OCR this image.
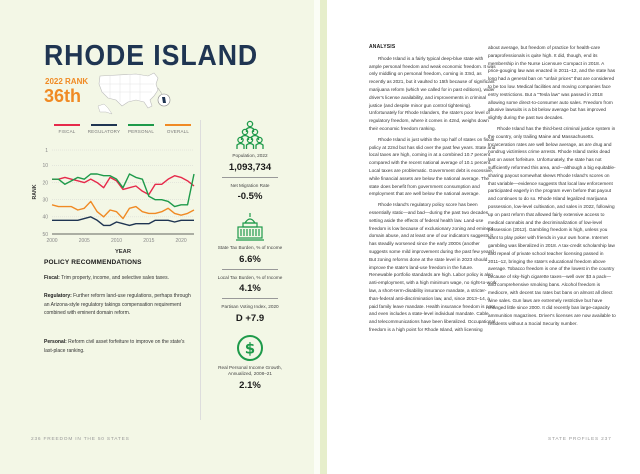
RHODE ISLAND
2022 RANK
36th
FISCAL	REGULATORY PERSONAL	OVERALL
1
10
20
30
40
50
2000	2005	2010	2015	2020
YEAR
RANK
POLICY RECOMMENDATIONS
Fiscal: Trim property, income, and selective sales taxes.
Regulatory: Further reform land-use regulations, perhaps through an Arizona-style regulatory takings compensation requirement combined with eminent domain reform.
Personal: Reform civil asset forfeiture to improve on the state's last-place ranking.
Population, 2022
1,093,734
Net Migration Rate
-0.5%
State Tax Burden, % of Income
6.6%
Local Tax Burden, % of Income
4.1%
Partisan Voting Index, 2020
D +7.9
$
Real Personal Income Growth, Annualized, 2008–21
2.1%
236 FREEDOM IN THE 50 STATES	STATE PROFILES 237
ANALYSIS

Rhode Island is a fairly typical deep-blue state with ample personal freedom and weak economic freedom. It was only middling on personal freedom, coming in 33rd, as recently as 2021, but it vaulted to 15th because of significant marijuana reform (which we called for in past editions), wider driver's license availability, and improvements in criminal justice (and despite minor gun control tightening). Unfortunately for Rhode Islanders, the state's poor level of regulatory freedom, where it comes in 42nd, weighs down their economic freedom ranking.

Rhode Island is just within the top half of states on fiscal policy at 22nd but has slid over the past few years. State and local taxes are high, coming in at a combined 10.7 percent compared with the recent national average of 10.1 percent. Local taxes are problematic. Government debt is excessive, while financial assets are below the national average. The state does benefit from government consumption and employment that are well below the national average.

Rhode Island's regulatory policy score has been essentially static—and bad—during the past two decades, setting aside the effects of federal health law. Land-use freedom is low because of exclusionary zoning and eminent domain abuse, and at least one of our indicators suggests it has steadily worsened since the early 2000s (another suggests some mild improvement during the past few years). But zoning reforms done at the state level in 2023 should improve the state's land-use freedom in the future. Renewable portfolio standards are high. Labor policy is also anti-employment, with a high minimum wage, no right-to-work law, a short-term-disability insurance mandate, a stricter-than-federal anti-discrimination law, and, since 2013–14, a paid family leave mandate. Health insurance freedom is poor and even includes a state-level individual mandate. Cable and telecommunications have been liberalized. Occupational freedom is a high point for Rhode Island, with licensing

about average, but freedom of practice for health-care paraprofessionals is quite high. It did, though, end its membership in the Nurse Licensure Compact in 2018. A price-gouging law was enacted in 2011–12, and the state has long had a general ban on "unfair prices" that are considered to be too low. Medical facilities and moving companies face entry restrictions. But a "Tesla law" was passed in 2018 allowing some direct-to-consumer auto sales. Freedom from abusive lawsuits is a bit below average but has improved slightly during the past two decades.

Rhode Island has the third-best criminal justice system in the country, only trailing Maine and Massachusetts. Incarceration rates are well below average, as are drug and nondrug victimless crime arrests. Rhode Island ranks dead last on asset forfeiture. Unfortunately, the state has not sufficiently reformed this area, and—although a big equitable-sharing payout somewhat skews Rhode Island's scores on that variable—evidence suggests that local law enforcement participated eagerly in the program even before that payout and continues to do so. Rhode Island legalized marijuana possession, low-level cultivation, and sales in 2022, following up on past reform that allowed fairly extensive access to medical cannabis and the decriminalization of low-level possession (2012). Gambling freedom is high, unless you want to play poker with friends in your own home. Internet gambling was liberalized in 2018. A tax-credit scholarship law and repeal of private school teacher licensing passed in 2011–12, bringing the state's educational freedom above average. Tobacco freedom is one of the lowest in the country because of sky-high cigarette taxes—well over $3 a pack—and comprehensive smoking bans. Alcohol freedom is mediocre, with decent tax rates but bans on almost all direct wine sales. Gun laws are extremely restrictive but have changed little since 2000. It did recently ban large-capacity ammunition magazines. Driver's licenses are now available to residents without a Social Security number.
